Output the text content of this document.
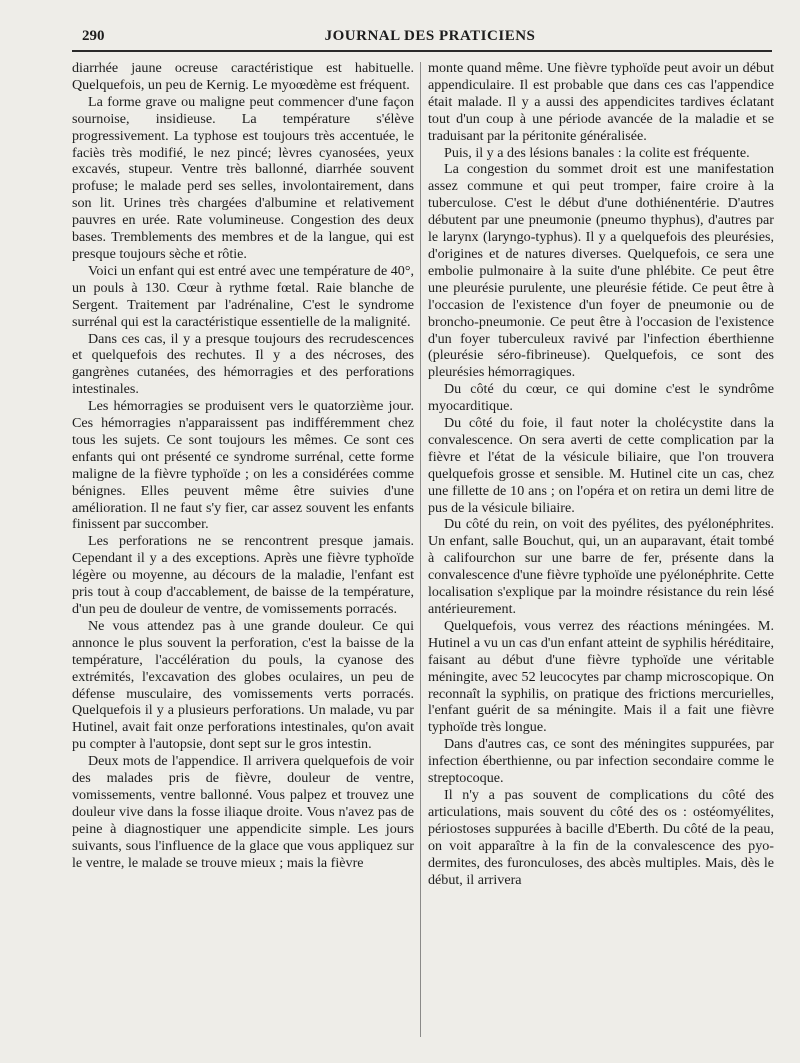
290	JOURNAL DES PRATICIENS

diarrhée jaune ocreuse caractéristique est habituelle. Quelquefois, un peu de Kernig. Le myoœdème est fréquent.

La forme grave ou maligne peut commencer d'une façon sournoise, insidieuse. La température s'élève progressivement. La typhose est toujours très accentuée, le faciès très modifié, le nez pincé; lèvres cyanosées, yeux excavés, stupeur. Ventre très ballonné, diarrhée souvent profuse; le malade perd ses selles, involontairement, dans son lit. Urines très chargées d'albumine et relativement pauvres en urée. Rate volumineuse. Congestion des deux bases. Tremblements des membres et de la langue, qui est presque toujours sèche et rôtie.

Voici un enfant qui est entré avec une température de 40°, un pouls à 130. Cœur à rythme fœtal. Raie blanche de Sergent. Traitement par l'adrénaline, C'est le syndrome surrénal qui est la caractéristique essentielle de la malignité.

Dans ces cas, il y a presque toujours des recrudescences et quelquefois des rechutes. Il y a des nécroses, des gangrènes cutanées, des hémorragies et des perforations intestinales.

Les hémorragies se produisent vers le quatorzième jour. Ces hémorragies n'apparaissent pas indifféremment chez tous les sujets. Ce sont toujours les mêmes. Ce sont ces enfants qui ont présenté ce syndrome surrénal, cette forme maligne de la fièvre typhoïde ; on les a considérées comme bénignes. Elles peuvent même être suivies d'une amélioration. Il ne faut s'y fier, car assez souvent les enfants finissent par succomber.

Les perforations ne se rencontrent presque jamais. Cependant il y a des exceptions. Après une fièvre typhoïde légère ou moyenne, au décours de la maladie, l'enfant est pris tout à coup d'accablement, de baisse de la température, d'un peu de douleur de ventre, de vomissements porracés.

Ne vous attendez pas à une grande douleur. Ce qui annonce le plus souvent la perforation, c'est la baisse de la température, l'accélération du pouls, la cyanose des extrémités, l'excavation des globes oculaires, un peu de défense musculaire, des vomissements verts porracés. Quelquefois il y a plusieurs perforations. Un malade, vu par Hutinel, avait fait onze perforations intestinales, qu'on avait pu compter à l'autopsie, dont sept sur le gros intestin.

Deux mots de l'appendice. Il arrivera quelquefois de voir des malades pris de fièvre, douleur de ventre, vomissements, ventre ballonné. Vous palpez et trouvez une douleur vive dans la fosse iliaque droite. Vous n'avez pas de peine à diagnostiquer une appendicite simple. Les jours suivants, sous l'influence de la glace que vous appliquez sur le ventre, le malade se trouve mieux ; mais la fièvre

monte quand même. Une fièvre typhoïde peut avoir un début appendiculaire. Il est probable que dans ces cas l'appendice était malade. Il y a aussi des appendicites tardives éclatant tout d'un coup à une période avancée de la maladie et se traduisant par la péritonite généralisée.

Puis, il y a des lésions banales : la colite est fréquente.

La congestion du sommet droit est une manifestation assez commune et qui peut tromper, faire croire à la tuberculose. C'est le début d'une dothiénentérie. D'autres débutent par une pneumonie (pneumo thyphus), d'autres par le larynx (laryngo-typhus). Il y a quelquefois des pleurésies, d'origines et de natures diverses. Quelquefois, ce sera une embolie pulmonaire à la suite d'une phlébite. Ce peut être une pleurésie purulente, une pleurésie fétide. Ce peut être à l'occasion de l'existence d'un foyer de pneumonie ou de broncho-pneumonie. Ce peut être à l'occasion de l'existence d'un foyer tuberculeux ravivé par l'infection éberthienne (pleurésie séro-fibrineuse). Quelquefois, ce sont des pleurésies hémorragiques.

Du côté du cœur, ce qui domine c'est le syndrôme myocarditique.

Du côté du foie, il faut noter la cholécystite dans la convalescence. On sera averti de cette complication par la fièvre et l'état de la vésicule biliaire, que l'on trouvera quelquefois grosse et sensible. M. Hutinel cite un cas, chez une fillette de 10 ans ; on l'opéra et on retira un demi litre de pus de la vésicule biliaire.

Du côté du rein, on voit des pyélites, des pyélonéphrites. Un enfant, salle Bouchut, qui, un an auparavant, était tombé à califourchon sur une barre de fer, présente dans la convalescence d'une fièvre typhoïde une pyélonéphrite. Cette localisation s'explique par la moindre résistance du rein lésé antérieurement.

Quelquefois, vous verrez des réactions méningées. M. Hutinel a vu un cas d'un enfant atteint de syphilis héréditaire, faisant au début d'une fièvre typhoïde une véritable méningite, avec 52 leucocytes par champ microscopique. On reconnaît la syphilis, on pratique des frictions mercurielles, l'enfant guérit de sa méningite. Mais il a fait une fièvre typhoïde très longue.

Dans d'autres cas, ce sont des méningites suppurées, par infection éberthienne, ou par infection secondaire comme le streptocoque.

Il n'y a pas souvent de complications du côté des articulations, mais souvent du côté des os : ostéomyélites, périostoses suppurées à bacille d'Eberth. Du côté de la peau, on voit apparaître à la fin de la convalescence des pyo-dermites, des furonculoses, des abcès multiples. Mais, dès le début, il arrivera
